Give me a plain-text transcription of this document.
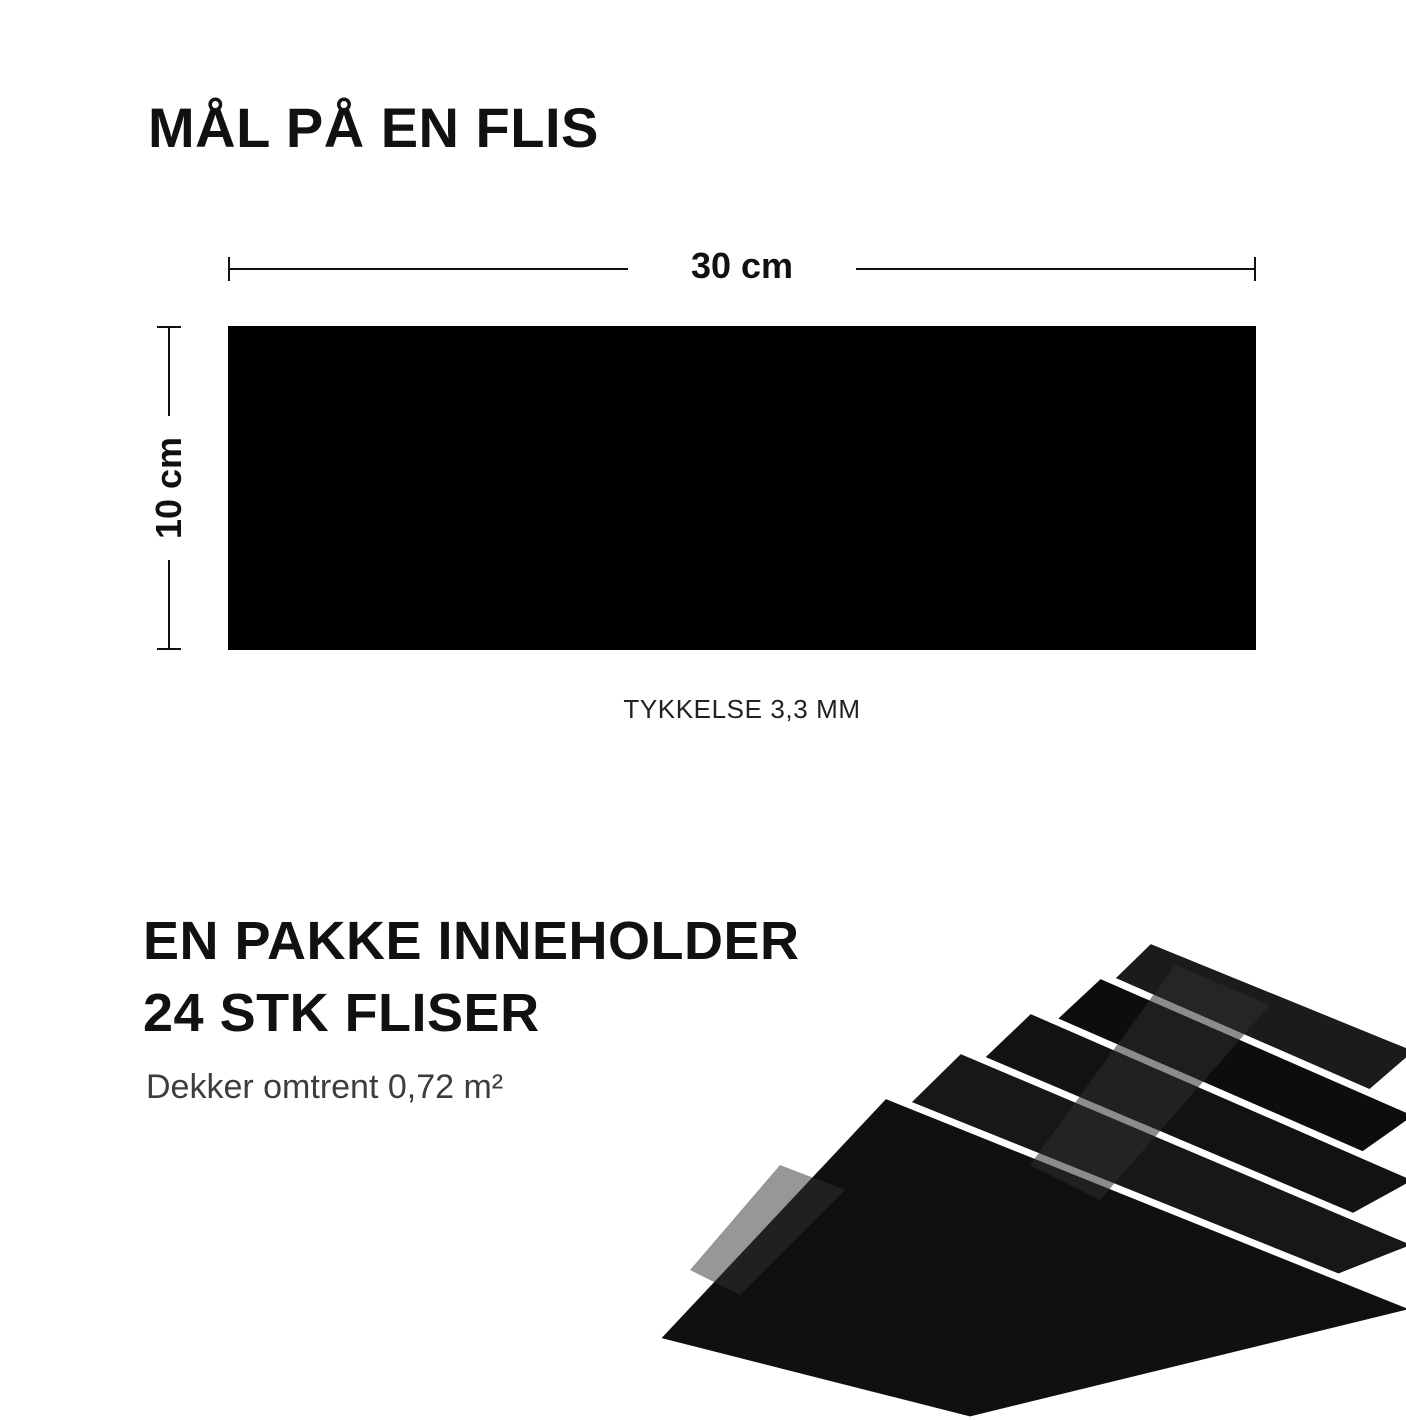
MÅL PÅ EN FLIS
30 cm
10 cm
TYKKELSE 3,3 MM
EN PAKKE INNEHOLDER
24 STK FLISER
Dekker omtrent 0,72 m²
